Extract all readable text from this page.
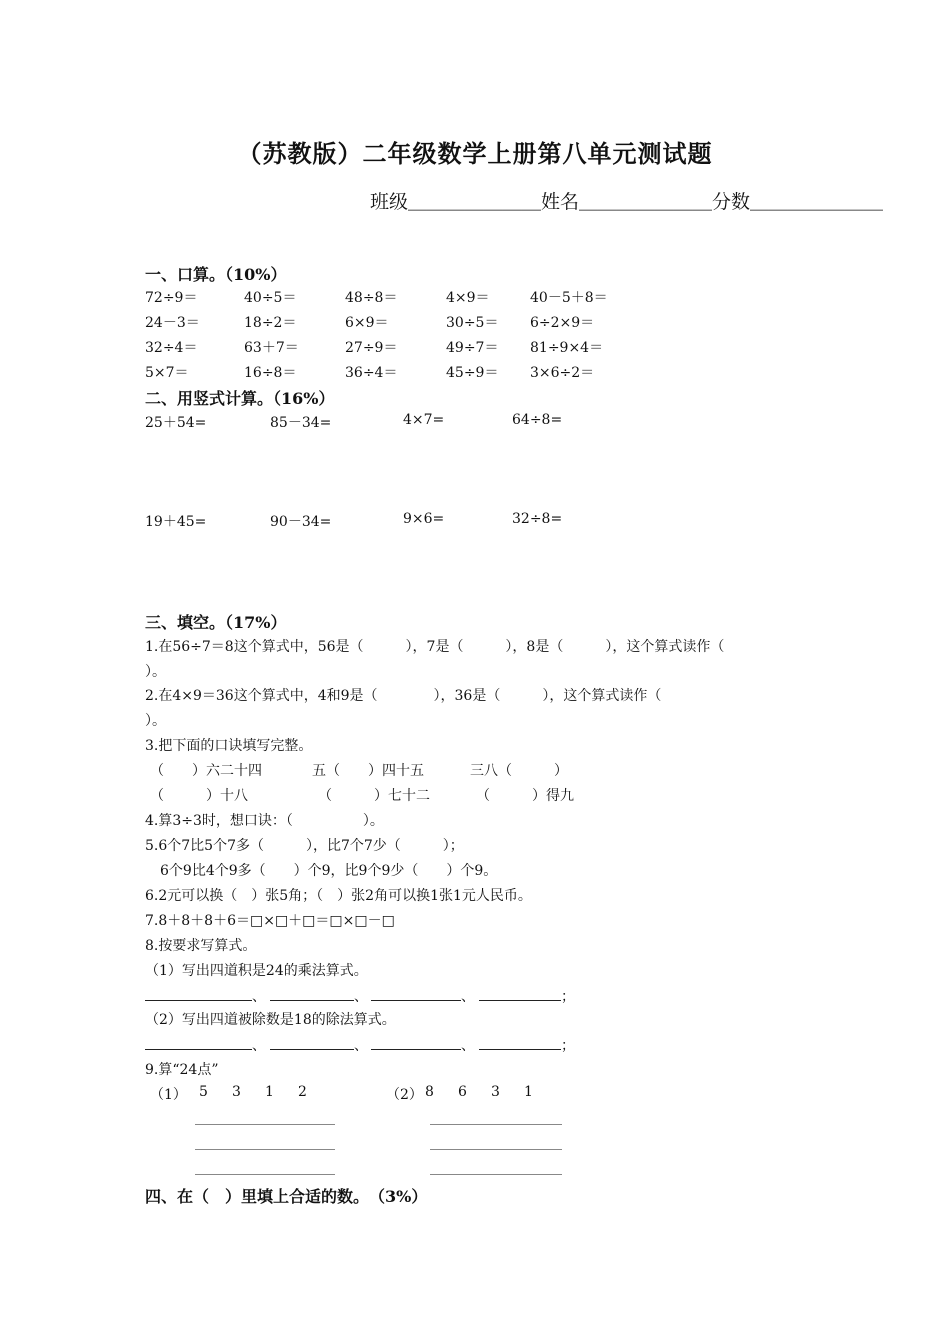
（苏教版）二年级数学上册第八单元测试题
班级＿＿＿＿＿＿＿姓名＿＿＿＿＿＿＿分数＿＿＿＿＿＿＿
一、口算。（10%）
72÷9＝	40÷5＝	48÷8＝	4×9＝	40－5＋8＝
24－3＝	18÷2＝	6×9＝	30÷5＝ 6÷2×9＝
32÷4＝	63＋7＝	27÷9＝	49÷7＝ 81÷9×4＝
5×7＝	16÷8＝	36÷4＝	45÷9＝ 3×6÷2＝
二、用竖式计算。（16%）
25＋54=	85－34=	4×7=	64÷8=
19＋45=	90－34=	9×6=	32÷8=
三、填空。（17%）
1.在56÷7＝8这个算式中，56是（　　　），7是（　　　），8是（　　　），这个算式读作（
）。
2.在4×9＝36这个算式中，4和9是（　　　　），36是（　　　），这个算式读作（
）。
3.把下面的口诀填写完整。
（　　）六二十四	五（　　）四十五	三八（　　　）
（　　　）十八	（　　　）七十二	（　　　）得九
4.算3÷3时，想口诀：（　　　　　）。
5.6个7比5个7多（　　　），比7个7少（　　　）；
6个9比4个9多（　　）个9，比9个9少（　　）个9。
6.2元可以换（　）张5角；（　）张2角可以换1张1元人民币。
7.8＋8＋8＋6＝□×□＋□＝□×□－□
8.按要求写算式。
（1）写出四道积是24的乘法算式。
、	、	、	；
（2）写出四道被除数是18的除法算式。
、	、	、	；
9.算“24点”
（1） 5 3 1 2	（2） 8 6 3 1
四、在（　）里填上合适的数。　（3%）
